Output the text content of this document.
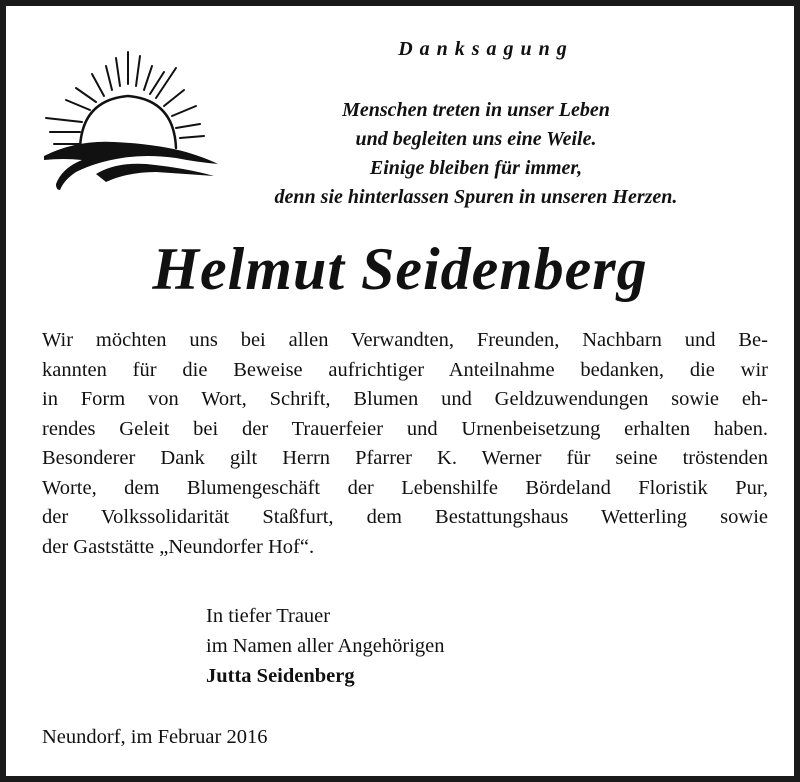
Danksagung
Menschen treten in unser Leben
und begleiten uns eine Weile.
Einige bleiben für immer,
denn sie hinterlassen Spuren in unseren Herzen.
Helmut Seidenberg
Wir möchten uns bei allen Verwandten, Freunden, Nachbarn und Be-
kannten für die Beweise aufrichtiger Anteilnahme bedanken, die wir
in Form von Wort, Schrift, Blumen und Geldzuwendungen sowie eh-
rendes Geleit bei der Trauerfeier und Urnenbeisetzung erhalten haben.
Besonderer Dank gilt Herrn Pfarrer K. Werner für seine tröstenden
Worte, dem Blumengeschäft der Lebenshilfe Bördeland Floristik Pur,
der Volkssolidarität Staßfurt, dem Bestattungshaus Wetterling sowie
der Gaststätte „Neundorfer Hof“.
In tiefer Trauer
im Namen aller Angehörigen
Jutta Seidenberg
Neundorf, im Februar 2016
